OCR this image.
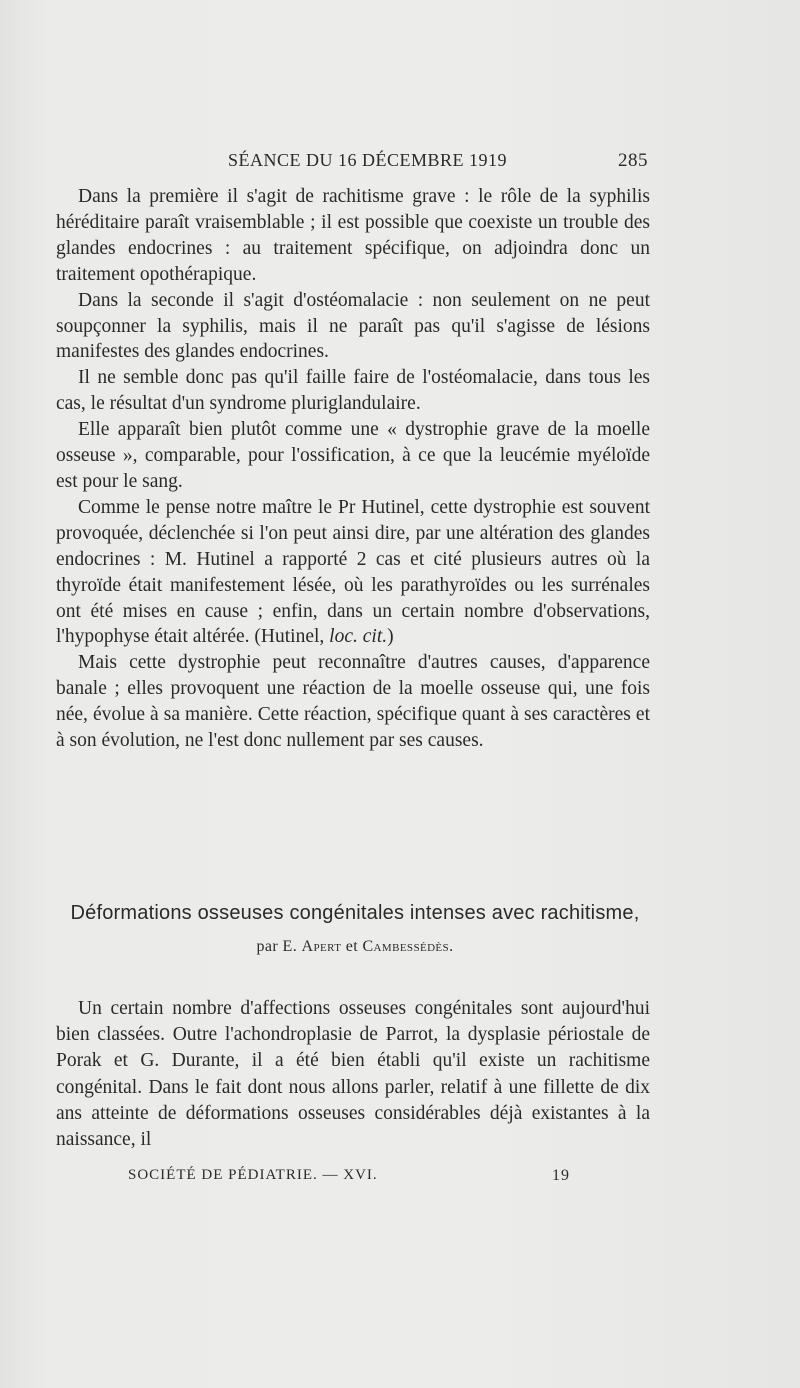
SÉANCE DU 16 DÉCEMBRE 1919	285

Dans la première il s'agit de rachitisme grave : le rôle de la syphilis héréditaire paraît vraisemblable ; il est possible que coexiste un trouble des glandes endocrines : au traitement spécifique, on adjoindra donc un traitement opothérapique.

Dans la seconde il s'agit d'ostéomalacie : non seulement on ne peut soupçonner la syphilis, mais il ne paraît pas qu'il s'agisse de lésions manifestes des glandes endocrines.

Il ne semble donc pas qu'il faille faire de l'ostéomalacie, dans tous les cas, le résultat d'un syndrome pluriglandulaire.

Elle apparaît bien plutôt comme une « dystrophie grave de la moelle osseuse », comparable, pour l'ossification, à ce que la leucémie myéloïde est pour le sang.

Comme le pense notre maître le Pr Hutinel, cette dystrophie est souvent provoquée, déclenchée si l'on peut ainsi dire, par une altération des glandes endocrines : M. Hutinel a rapporté 2 cas et cité plusieurs autres où la thyroïde était manifestement lésée, où les parathyroïdes ou les surrénales ont été mises en cause ; enfin, dans un certain nombre d'observations, l'hypophyse était altérée. (Hutinel, loc. cit.)

Mais cette dystrophie peut reconnaître d'autres causes, d'apparence banale ; elles provoquent une réaction de la moelle osseuse qui, une fois née, évolue à sa manière. Cette réaction, spécifique quant à ses caractères et à son évolution, ne l'est donc nullement par ses causes.

Déformations osseuses congénitales intenses avec rachitisme,
par E. Apert et Cambessédès.

Un certain nombre d'affections osseuses congénitales sont aujourd'hui bien classées. Outre l'achondroplasie de Parrot, la dysplasie périostale de Porak et G. Durante, il a été bien établi qu'il existe un rachitisme congénital. Dans le fait dont nous allons parler, relatif à une fillette de dix ans atteinte de déformations osseuses considérables déjà existantes à la naissance, il

SOCIÉTÉ DE PÉDIATRIE. — XVI.	19
